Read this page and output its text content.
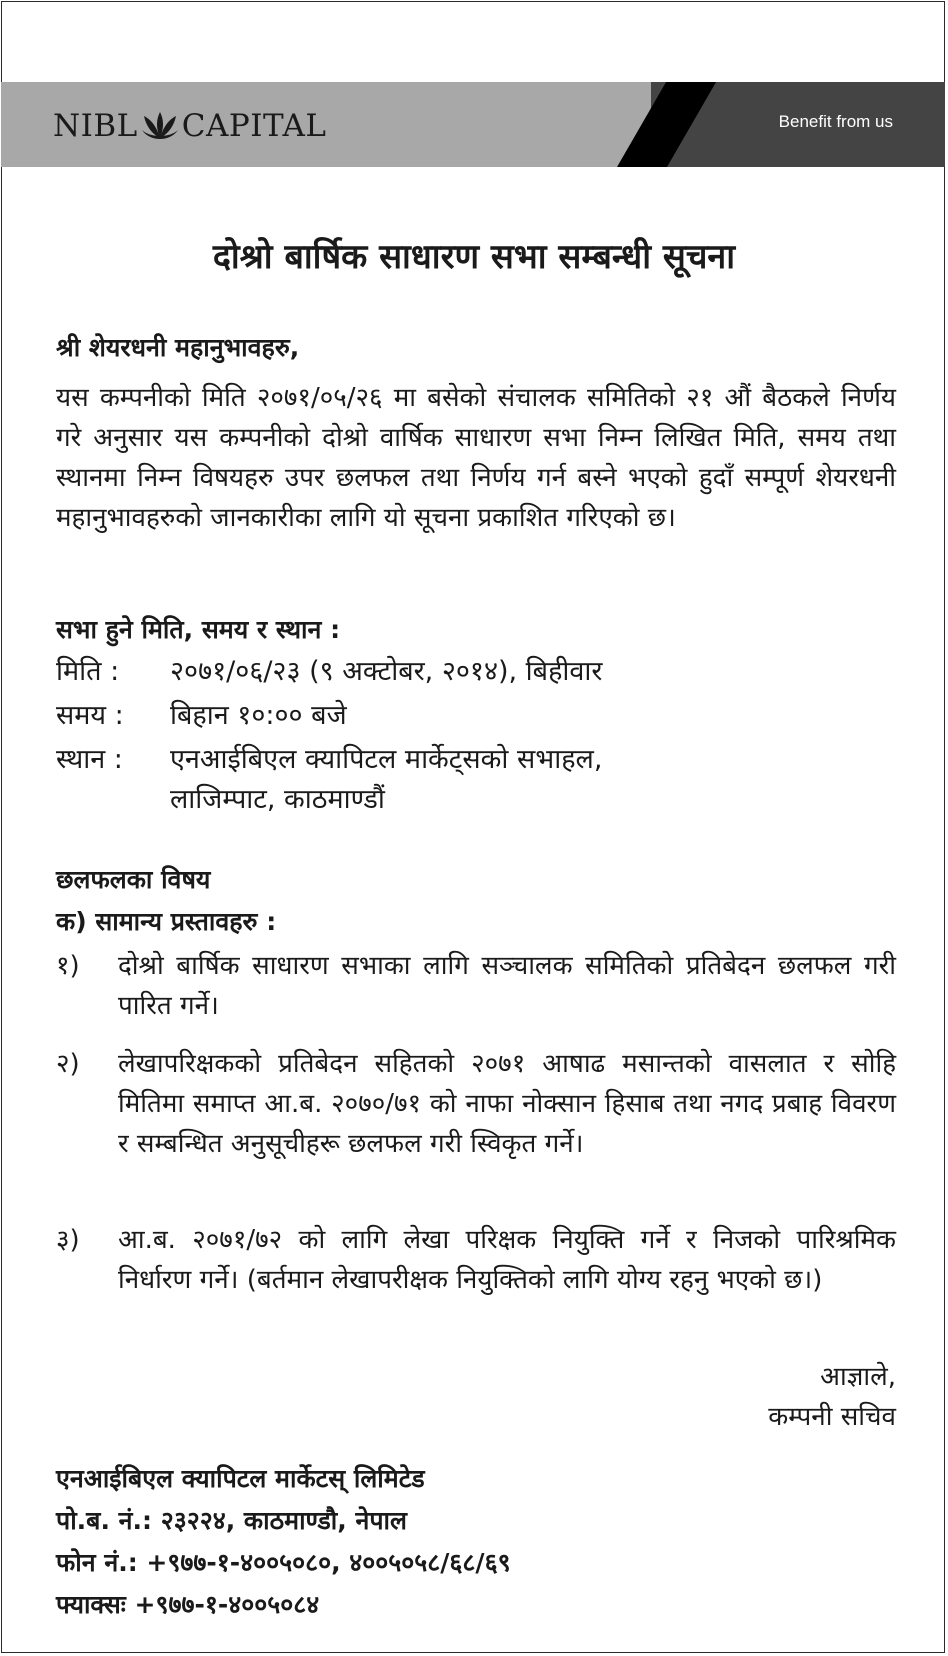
NIBL CAPITAL	Benefit from us
दोश्रो बार्षिक साधारण सभा सम्बन्धी सूचना
श्री शेयरधनी महानुभावहरु,
यस कम्पनीको मिति २०७१/०५/२६ मा बसेको संचालक समितिको २१ औं बैठकले निर्णय गरे अनुसार यस कम्पनीको दोश्रो वार्षिक साधारण सभा निम्न लिखित मिति, समय तथा स्थानमा निम्न विषयहरु उपर छलफल तथा निर्णय गर्न बस्ने भएको हुदाँ सम्पूर्ण शेयरधनी महानुभावहरुको जानकारीका लागि यो सूचना प्रकाशित गरिएको छ।
सभा हुने मिति, समय र स्थान :
मिति :	२०७१/०६/२३ (९ अक्टोबर, २०१४), बिहीवार
समय :	बिहान १०:०० बजे
स्थान :	एनआईबिएल क्यापिटल मार्केट्सको सभाहल,
लाजिम्पाट, काठमाण्डौं
छलफलका विषय
क) सामान्य प्रस्तावहरु :
१)	दोश्रो बार्षिक साधारण सभाका लागि सञ्चालक समितिको प्रतिबेदन छलफल गरी पारित गर्ने।
२)	लेखापरिक्षकको प्रतिबेदन सहितको २०७१ आषाढ मसान्तको वासलात र सोहि मितिमा समाप्त आ.ब. २०७०/७१ को नाफा नोक्सान हिसाब तथा नगद प्रबाह विवरण र सम्बन्धित अनुसूचीहरू छलफल गरी स्विकृत गर्ने।
३)	आ.ब. २०७१/७२ को लागि लेखा परिक्षक नियुक्ति गर्ने र निजको पारिश्रमिक निर्धारण गर्ने। (बर्तमान लेखापरीक्षक नियुक्तिको लागि योग्य रहनु भएको छ।)
आज्ञाले,
कम्पनी सचिव
एनआईबिएल क्यापिटल मार्केटस् लिमिटेड
पो.ब. नं.: २३२२४, काठमाण्डौ, नेपाल
फोन नं.: +९७७-१-४००५०८०, ४००५०५८/६८/६९
फ्याक्सः +९७७-१-४००५०८४
